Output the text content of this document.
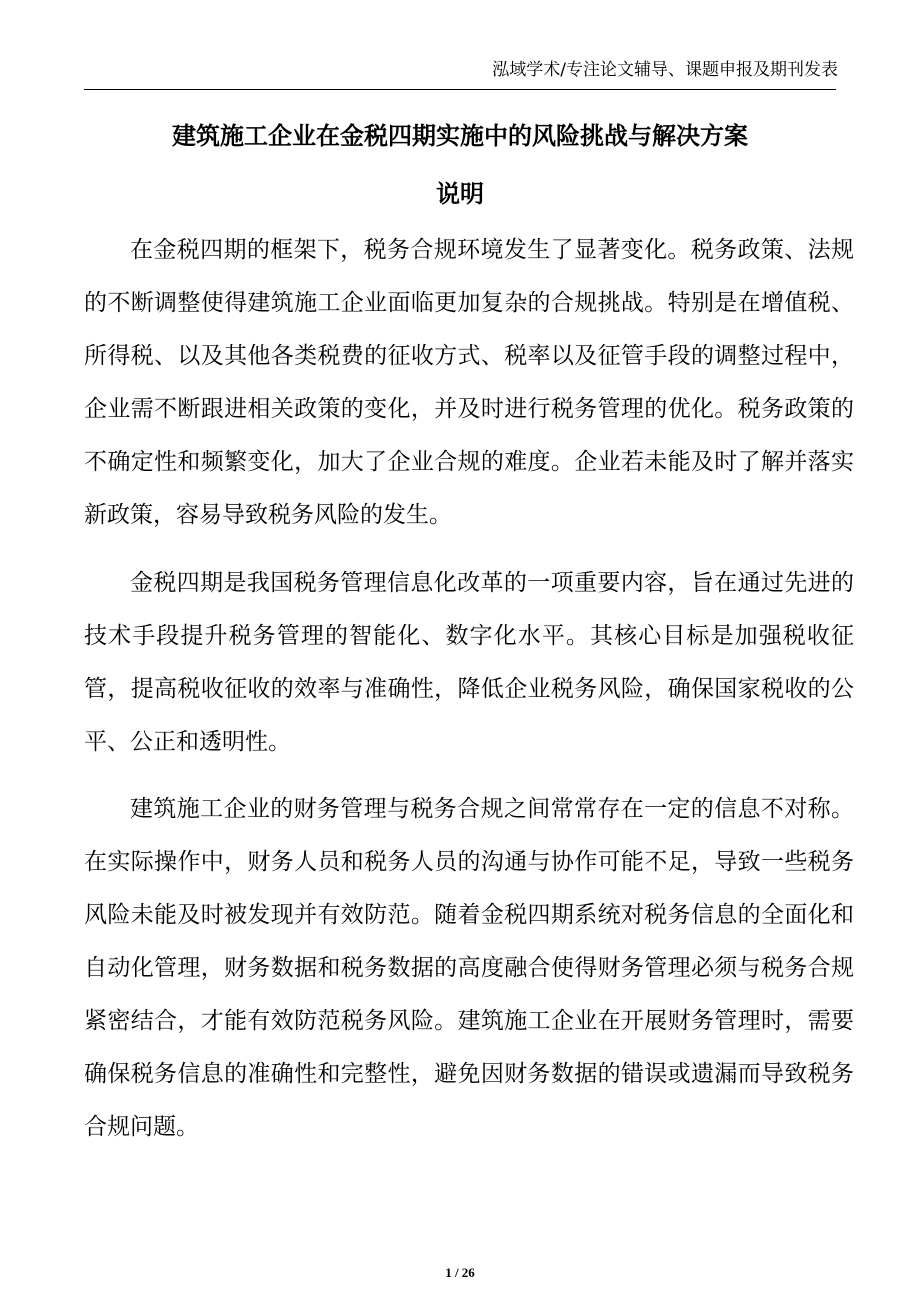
泓域学术/专注论文辅导、课题申报及期刊发表
建筑施工企业在金税四期实施中的风险挑战与解决方案
说明

在金税四期的框架下，税务合规环境发生了显著变化。税务政策、法规的不断调整使得建筑施工企业面临更加复杂的合规挑战。特别是在增值税、所得税、以及其他各类税费的征收方式、税率以及征管手段的调整过程中，企业需不断跟进相关政策的变化，并及时进行税务管理的优化。税务政策的不确定性和频繁变化，加大了企业合规的难度。企业若未能及时了解并落实新政策，容易导致税务风险的发生。

金税四期是我国税务管理信息化改革的一项重要内容，旨在通过先进的技术手段提升税务管理的智能化、数字化水平。其核心目标是加强税收征管，提高税收征收的效率与准确性，降低企业税务风险，确保国家税收的公平、公正和透明性。

建筑施工企业的财务管理与税务合规之间常常存在一定的信息不对称。在实际操作中，财务人员和税务人员的沟通与协作可能不足，导致一些税务风险未能及时被发现并有效防范。随着金税四期系统对税务信息的全面化和自动化管理，财务数据和税务数据的高度融合使得财务管理必须与税务合规紧密结合，才能有效防范税务风险。建筑施工企业在开展财务管理时，需要确保税务信息的准确性和完整性，避免因财务数据的错误或遗漏而导致税务合规问题。

1 / 26
